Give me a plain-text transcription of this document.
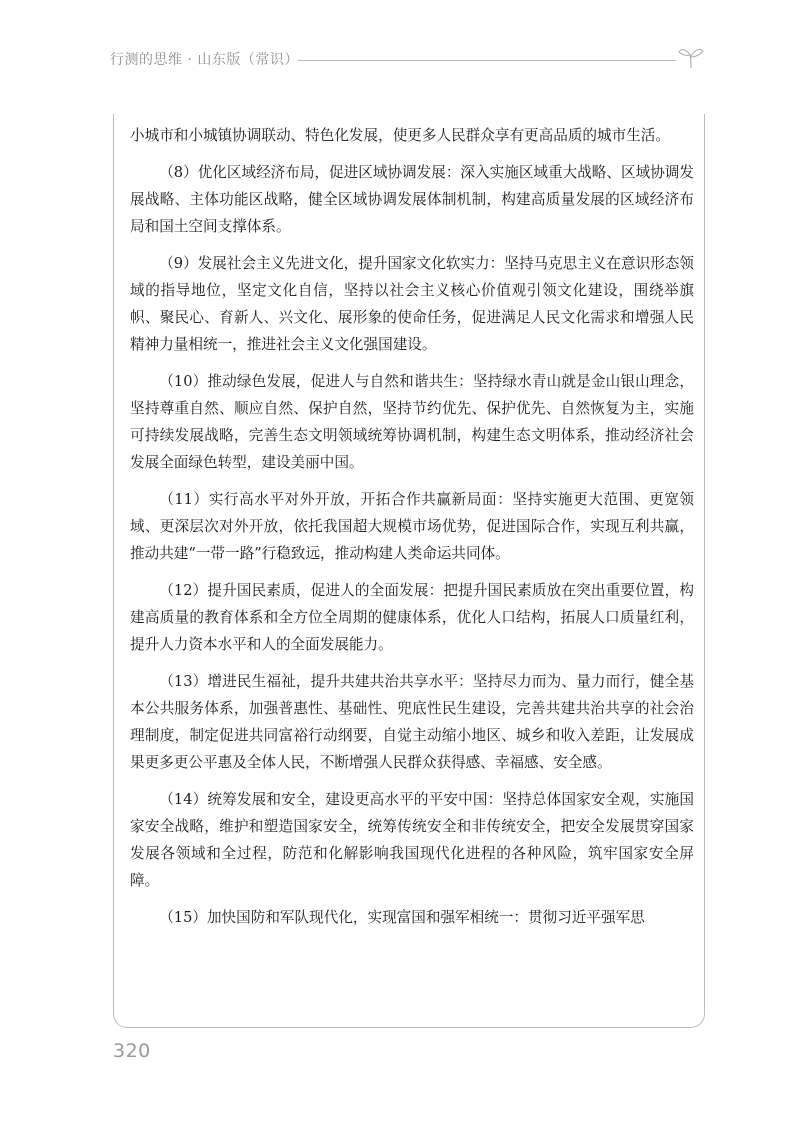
行测的思维 · 山东版（常识）

小城市和小城镇协调联动、特色化发展，使更多人民群众享有更高品质的城市生活。

（8）优化区域经济布局，促进区域协调发展：深入实施区域重大战略、区域协调发展战略、主体功能区战略，健全区域协调发展体制机制，构建高质量发展的区域经济布局和国土空间支撑体系。

（9）发展社会主义先进文化，提升国家文化软实力：坚持马克思主义在意识形态领域的指导地位，坚定文化自信，坚持以社会主义核心价值观引领文化建设，围绕举旗帜、聚民心、育新人、兴文化、展形象的使命任务，促进满足人民文化需求和增强人民精神力量相统一，推进社会主义文化强国建设。

（10）推动绿色发展，促进人与自然和谐共生：坚持绿水青山就是金山银山理念，坚持尊重自然、顺应自然、保护自然，坚持节约优先、保护优先、自然恢复为主，实施可持续发展战略，完善生态文明领域统筹协调机制，构建生态文明体系，推动经济社会发展全面绿色转型，建设美丽中国。

（11）实行高水平对外开放，开拓合作共赢新局面：坚持实施更大范围、更宽领域、更深层次对外开放，依托我国超大规模市场优势，促进国际合作，实现互利共赢，推动共建“一带一路”行稳致远，推动构建人类命运共同体。

（12）提升国民素质，促进人的全面发展：把提升国民素质放在突出重要位置，构建高质量的教育体系和全方位全周期的健康体系，优化人口结构，拓展人口质量红利，提升人力资本水平和人的全面发展能力。

（13）增进民生福祉，提升共建共治共享水平：坚持尽力而为、量力而行，健全基本公共服务体系，加强普惠性、基础性、兜底性民生建设，完善共建共治共享的社会治理制度，制定促进共同富裕行动纲要，自觉主动缩小地区、城乡和收入差距，让发展成果更多更公平惠及全体人民，不断增强人民群众获得感、幸福感、安全感。

（14）统筹发展和安全，建设更高水平的平安中国：坚持总体国家安全观，实施国家安全战略，维护和塑造国家安全，统筹传统安全和非传统安全，把安全发展贯穿国家发展各领域和全过程，防范和化解影响我国现代化进程的各种风险，筑牢国家安全屏障。

（15）加快国防和军队现代化，实现富国和强军相统一：贯彻习近平强军思

320
